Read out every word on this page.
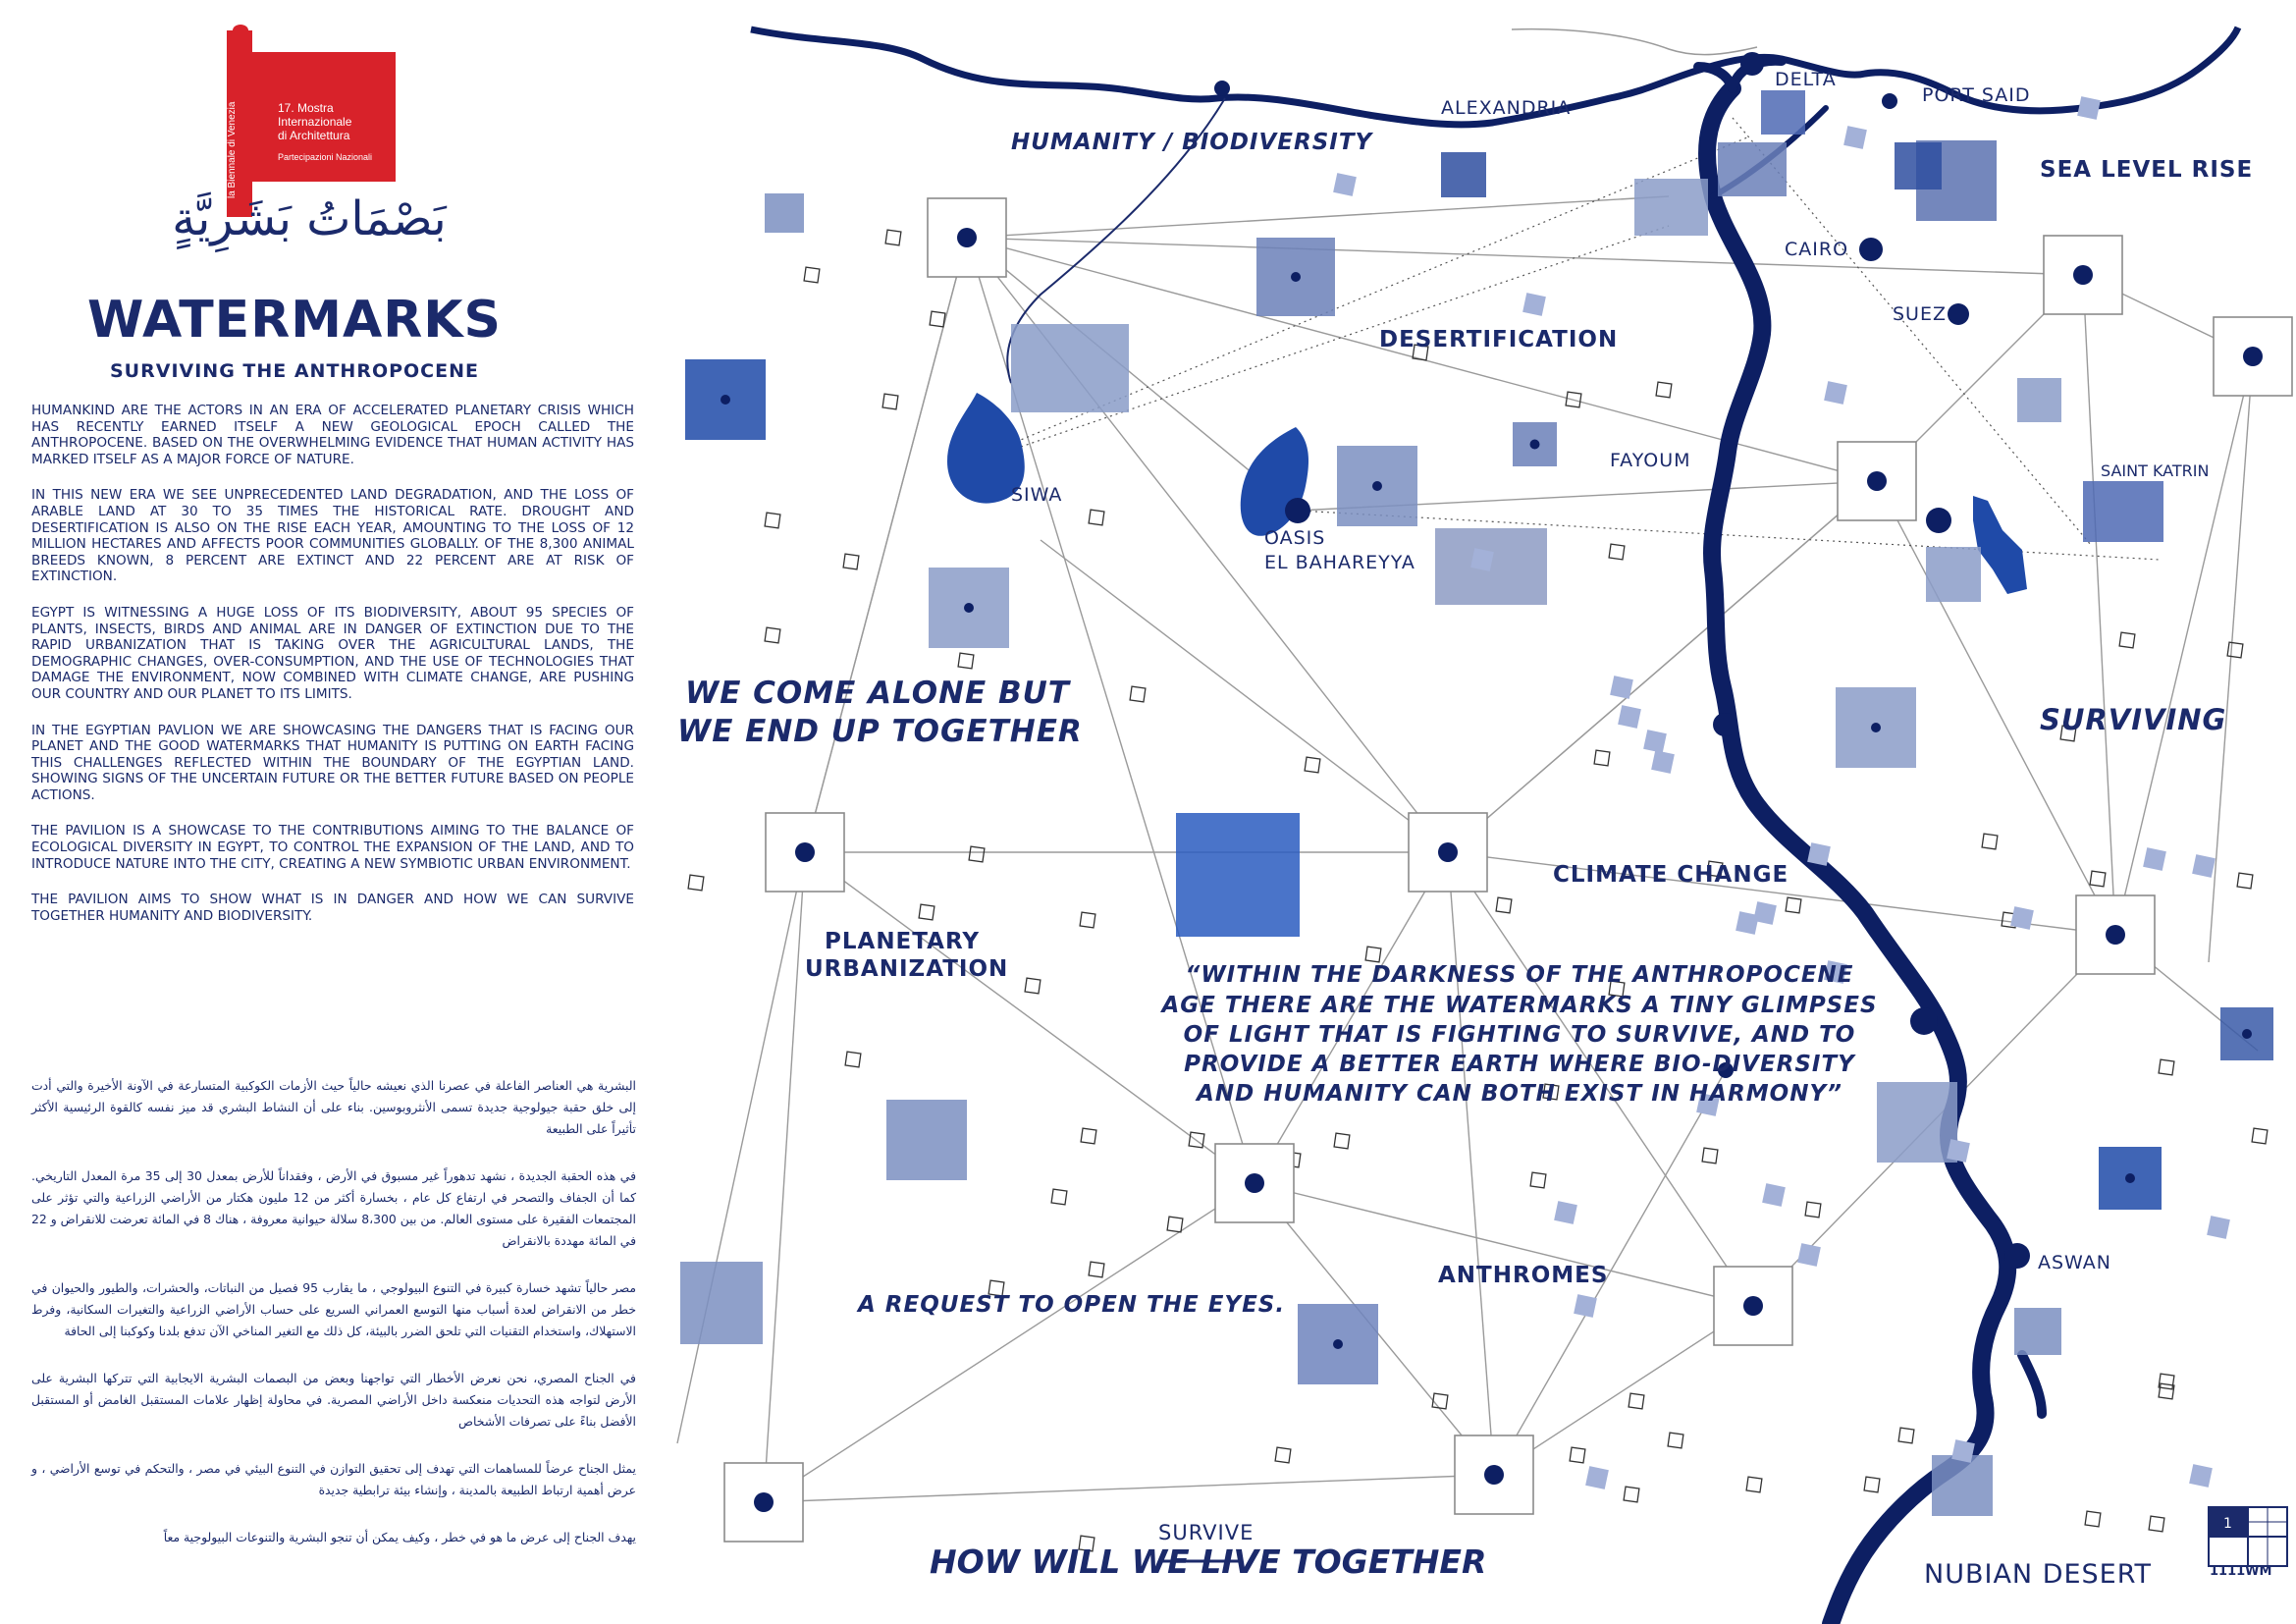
la Biennale di Venezia	17. Mostra
Internazionale
di Architettura
Partecipazioni Nazionali
بَصْمَاتُ بَشَرِيَّةٍ
WATERMARKS
SURVIVING THE ANTHROPOCENE

HUMANKIND ARE THE ACTORS IN AN ERA OF ACCELERATED PLANETARY CRISIS WHICH HAS RECENTLY EARNED ITSELF A NEW GEOLOGICAL EPOCH CALLED THE ANTHROPOCENE. BASED ON THE OVERWHELMING EVIDENCE THAT HUMAN ACTIVITY HAS MARKED ITSELF AS A MAJOR FORCE OF NATURE.

IN THIS NEW ERA WE SEE UNPRECEDENTED LAND DEGRADATION, AND THE LOSS OF ARABLE LAND AT 30 TO 35 TIMES THE HISTORICAL RATE. DROUGHT AND DESERTIFICATION IS ALSO ON THE RISE EACH YEAR, AMOUNTING TO THE LOSS OF 12 MILLION HECTARES AND AFFECTS POOR COMMUNITIES GLOBALLY. OF THE 8,300 ANIMAL BREEDS KNOWN, 8 PERCENT ARE EXTINCT AND 22 PERCENT ARE AT RISK OF EXTINCTION.

EGYPT IS WITNESSING A HUGE LOSS OF ITS BIODIVERSITY, ABOUT 95 SPECIES OF PLANTS, INSECTS, BIRDS AND ANIMAL ARE IN DANGER OF EXTINCTION DUE TO THE RAPID URBANIZATION THAT IS TAKING OVER THE AGRICULTURAL LANDS, THE DEMOGRAPHIC CHANGES, OVER-CONSUMPTION, AND THE USE OF TECHNOLOGIES THAT DAMAGE THE ENVIRONMENT, NOW COMBINED WITH CLIMATE CHANGE, ARE PUSHING OUR COUNTRY AND OUR PLANET TO ITS LIMITS.

IN THE EGYPTIAN PAVLION WE ARE SHOWCASING THE DANGERS THAT IS FACING OUR PLANET AND THE GOOD WATERMARKS THAT HUMANITY IS PUTTING ON EARTH FACING THIS CHALLENGES REFLECTED WITHIN THE BOUNDARY OF THE EGYPTIAN LAND. SHOWING SIGNS OF THE UNCERTAIN FUTURE OR THE BETTER FUTURE BASED ON PEOPLE ACTIONS.

THE PAVILION IS A SHOWCASE TO THE CONTRIBUTIONS AIMING TO THE BALANCE OF ECOLOGICAL DIVERSITY IN EGYPT, TO CONTROL THE EXPANSION OF THE LAND, AND TO INTRODUCE NATURE INTO THE CITY, CREATING A NEW SYMBIOTIC URBAN ENVIRONMENT.

THE PAVILION AIMS TO SHOW WHAT IS IN DANGER AND HOW WE CAN SURVIVE TOGETHER HUMANITY AND BIODIVERSITY.

البشرية هي العناصر الفاعلة في عصرنا الذي نعيشه حالياً حيث الأزمات الكوكبية المتسارعة في الآونة الأخيرة والتي أدت إلى خلق حقبة جيولوجية جديدة تسمى الأنثروبوسين. بناء على أن النشاط البشري قد ميز نفسه كالقوة الرئيسية الأكثر تأثيراً على الطبيعة

في هذه الحقبة الجديدة ، نشهد تدهوراً غير مسبوق في الأرض ، وفقداناً للأرض بمعدل 30 إلى 35 مرة المعدل التاريخي. كما أن الجفاف والتصحر في ارتفاع كل عام ، بخسارة أكثر من 12 مليون هكتار من الأراضي الزراعية والتي تؤثر على المجتمعات الفقيرة على مستوى العالم. من بين 8،300 سلالة حيوانية معروفة ، هناك 8 في المائة تعرضت للانقراض و 22 في المائة مهددة بالانقراض

مصر حالياً تشهد خسارة كبيرة في التنوع البيولوجي ، ما يقارب 95 فصيل من النباتات، والحشرات، والطيور والحيوان في خطر من الانقراض لعدة أسباب منها التوسع العمراني السريع على حساب الأراضي الزراعية والتغيرات السكانية، وفرط الاستهلاك، واستخدام التقنيات التي تلحق الضرر بالبيئة، كل ذلك مع التغير المناخي الآن تدفع بلدنا وكوكبنا إلى الحافة

في الجناح المصري، نحن نعرض الأخطار التي تواجهنا وبعض من البصمات البشرية الايجابية التي تتركها البشرية على الأرض لتواجه هذه التحديات منعكسة داخل الأراضي المصرية. في محاولة إظهار علامات المستقبل الغامض أو المستقبل الأفضل بناءً على تصرفات الأشخاص

يمثل الجناح عرضاً للمساهمات التي تهدف إلى تحقيق التوازن في التنوع البيئي في مصر ، والتحكم في توسع الأراضي ، و عرض أهمية ارتباط الطبيعة بالمدينة ، وإنشاء بيئة ترابطية جديدة

يهدف الجناح إلى عرض ما هو في خطر ، وكيف يمكن أن تنجو البشرية والتنوعات البيولوجية معاً

ALEXANDRIA
DELTA
PORT SAID
CAIRO
SUEZ
FAYOUM
SIWA
OASIS
EL BAHAREYYA
SAINT KATRIN
ASWAN
NUBIAN DESERT
HUMANITY / BIODIVERSITY
SEA LEVEL RISE
DESERTIFICATION
SURVIVING
CLIMATE CHANGE
PLANETARY
URBANIZATION
ANTHROMES
A REQUEST TO OPEN THE EYES.
WE COME ALONE BUT
WE END UP TOGETHER
“WITHIN THE DARKNESS OF THE ANTHROPOCENE
AGE THERE ARE THE WATERMARKS A TINY GLIMPSES
OF LIGHT THAT IS FIGHTING TO SURVIVE, AND TO
PROVIDE A BETTER EARTH WHERE BIO-DIVERSITY
AND HUMANITY CAN BOTH EXIST IN HARMONY”
SURVIVE
HOW WILL WE LIVE TOGETHER
1
1111WM
